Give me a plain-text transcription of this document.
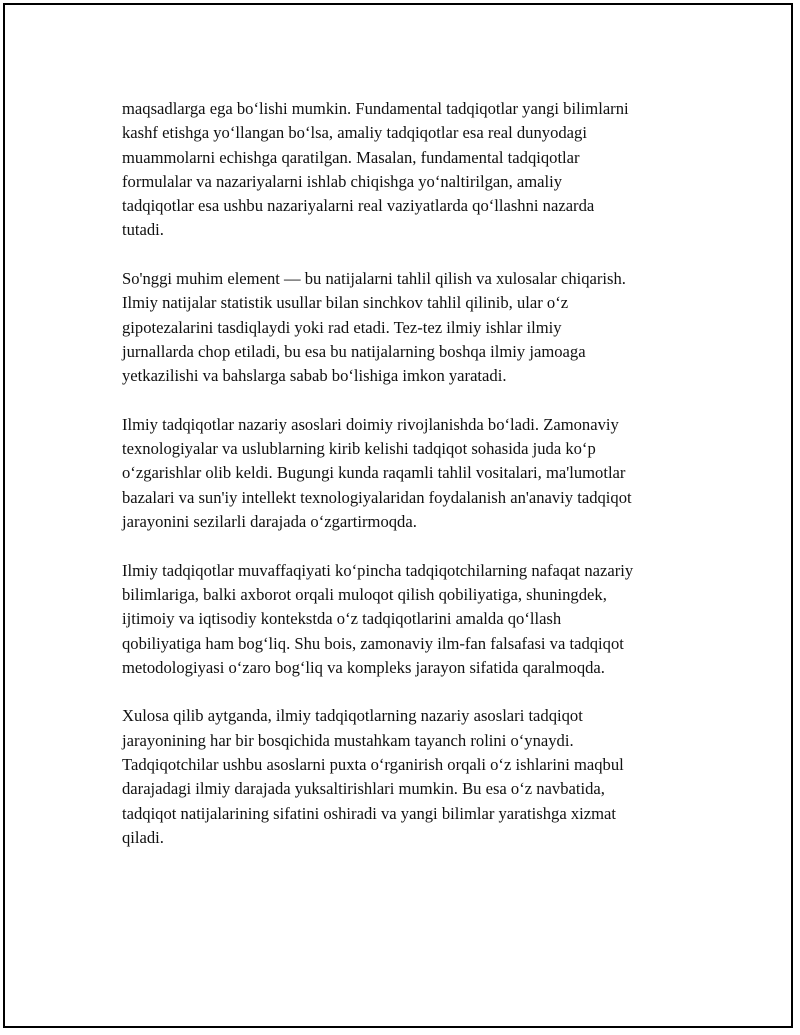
maqsadlarga ega bo‘lishi mumkin. Fundamental tadqiqotlar yangi bilimlarni
kashf etishga yo‘llangan bo‘lsa, amaliy tadqiqotlar esa real dunyodagi
muammolarni echishga qaratilgan. Masalan, fundamental tadqiqotlar
formulalar va nazariyalarni ishlab chiqishga yo‘naltirilgan, amaliy
tadqiqotlar esa ushbu nazariyalarni real vaziyatlarda qo‘llashni nazarda
tutadi.

So'nggi muhim element — bu natijalarni tahlil qilish va xulosalar chiqarish.
Ilmiy natijalar statistik usullar bilan sinchkov tahlil qilinib, ular o‘z
gipotezalarini tasdiqlaydi yoki rad etadi. Tez-tez ilmiy ishlar ilmiy
jurnallarda chop etiladi, bu esa bu natijalarning boshqa ilmiy jamoaga
yetkazilishi va bahslarga sabab bo‘lishiga imkon yaratadi.

Ilmiy tadqiqotlar nazariy asoslari doimiy rivojlanishda bo‘ladi. Zamonaviy
texnologiyalar va uslublarning kirib kelishi tadqiqot sohasida juda ko‘p
o‘zgarishlar olib keldi. Bugungi kunda raqamli tahlil vositalari, ma'lumotlar
bazalari va sun'iy intellekt texnologiyalaridan foydalanish an'anaviy tadqiqot
jarayonini sezilarli darajada o‘zgartirmoqda.

Ilmiy tadqiqotlar muvaffaqiyati ko‘pincha tadqiqotchilarning nafaqat nazariy
bilimlariga, balki axborot orqali muloqot qilish qobiliyatiga, shuningdek,
ijtimoiy va iqtisodiy kontekstda o‘z tadqiqotlarini amalda qo‘llash
qobiliyatiga ham bog‘liq. Shu bois, zamonaviy ilm-fan falsafasi va tadqiqot
metodologiyasi o‘zaro bog‘liq va kompleks jarayon sifatida qaralmoqda.

Xulosa qilib aytganda, ilmiy tadqiqotlarning nazariy asoslari tadqiqot
jarayonining har bir bosqichida mustahkam tayanch rolini o‘ynaydi.
Tadqiqotchilar ushbu asoslarni puxta o‘rganirish orqali o‘z ishlarini maqbul
darajadagi ilmiy darajada yuksaltirishlari mumkin. Bu esa o‘z navbatida,
tadqiqot natijalarining sifatini oshiradi va yangi bilimlar yaratishga xizmat
qiladi.
